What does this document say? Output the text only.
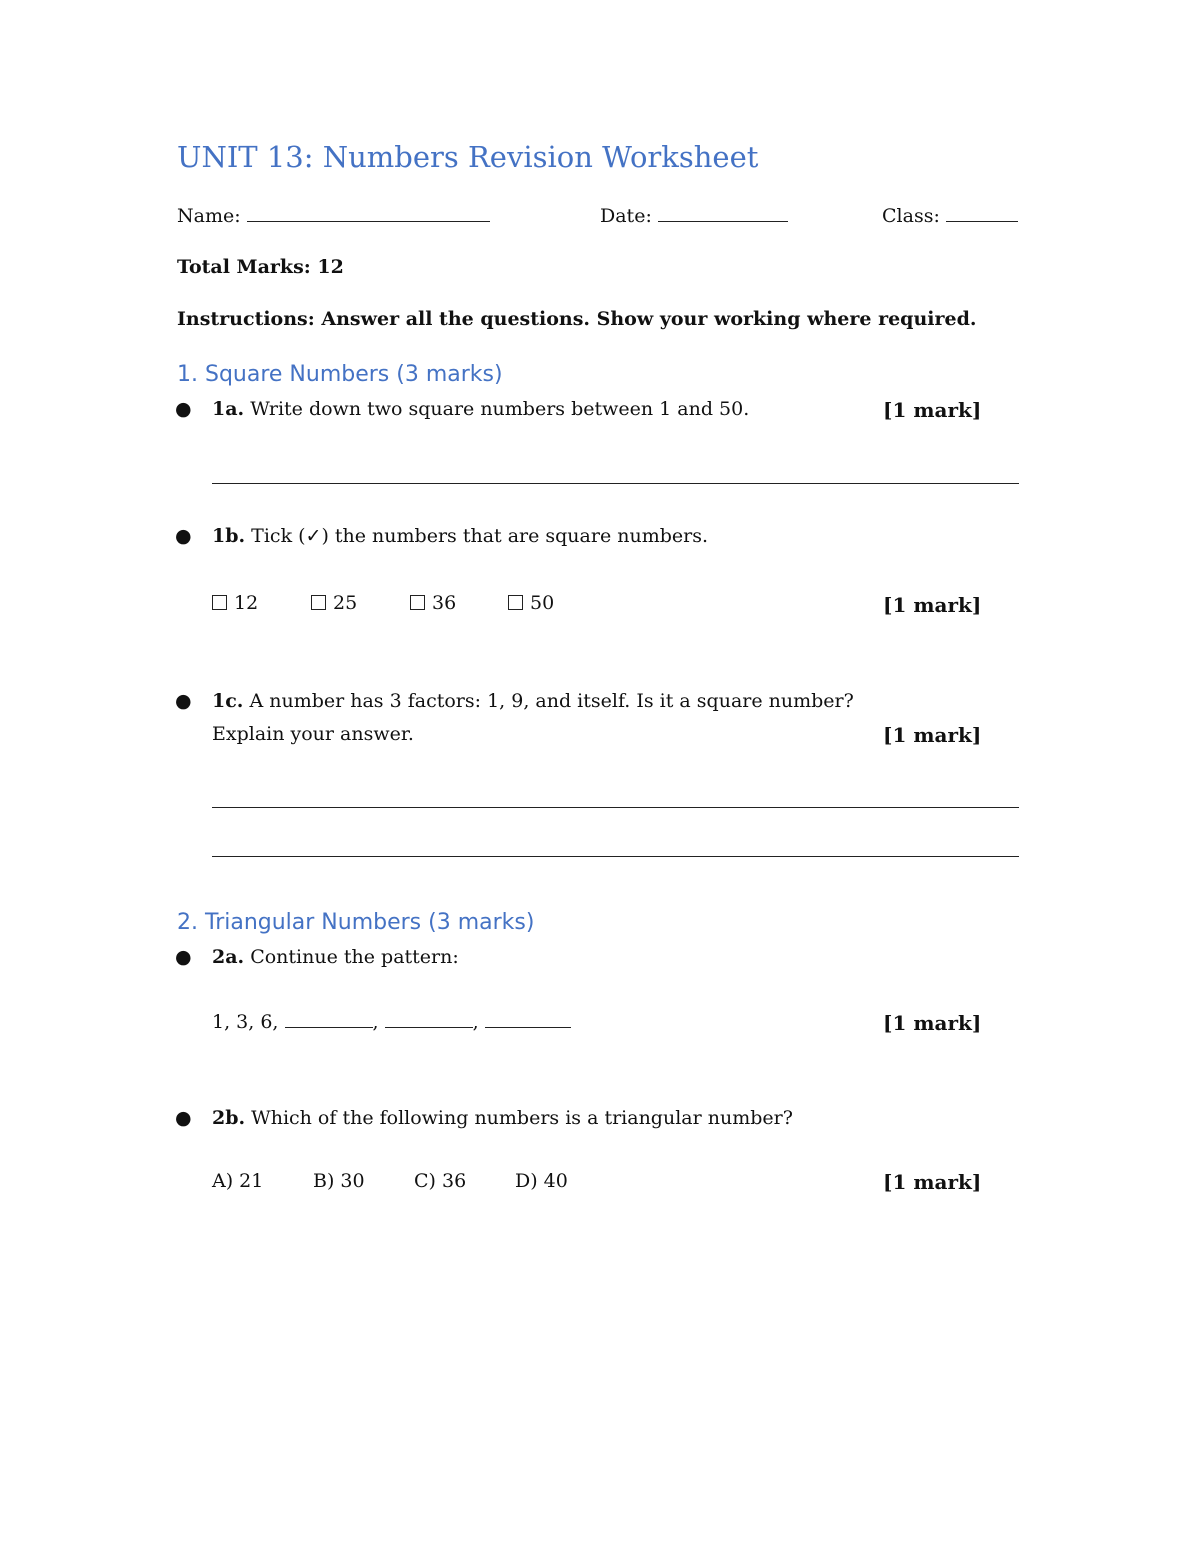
UNIT 13: Numbers Revision Worksheet
Name:	Date:	Class:
Total Marks: 12
Instructions: Answer all the questions. Show your working where required.
1. Square Numbers (3 marks)
● 1a. Write down two square numbers between 1 and 50.	[1 mark]
● 1b. Tick (✓) the numbers that are square numbers.
12	25	36	50	[1 mark]
● 1c. A number has 3 factors: 1, 9, and itself. Is it a square number?
Explain your answer.	[1 mark]
2. Triangular Numbers (3 marks)
● 2a. Continue the pattern:
1, 3, 6,	,	,	[1 mark]
● 2b. Which of the following numbers is a triangular number?
A) 21	B) 30	C) 36	D) 40	[1 mark]
